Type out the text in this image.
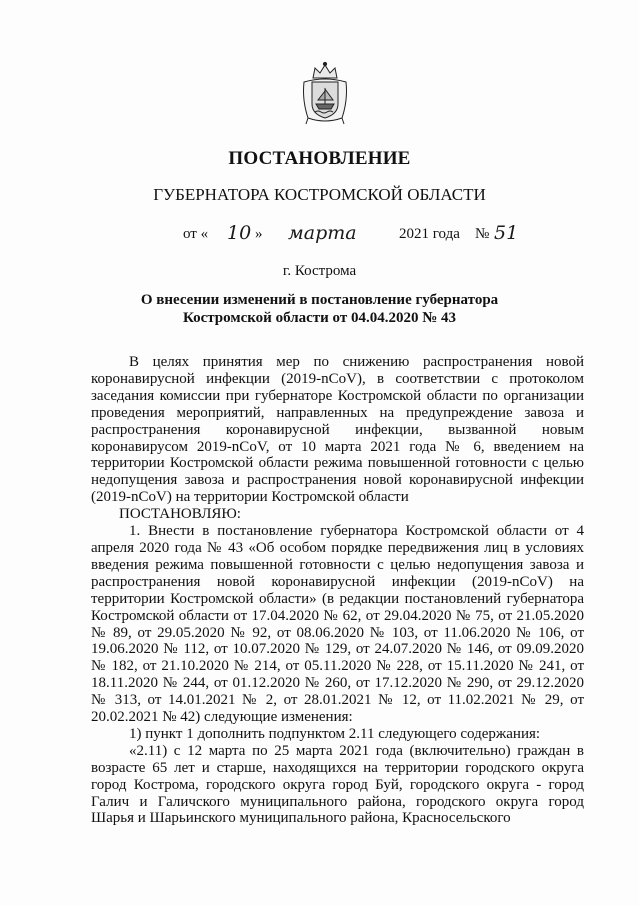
ПОСТАНОВЛЕНИЕ
ГУБЕРНАТОРА КОСТРОМСКОЙ ОБЛАСТИ
от « 10 » марта	2021 года № 51
г. Кострома
О внесении изменений в постановление губернатора
Костромской области от 04.04.2020 № 43

В целях принятия мер по снижению распространения новой коронавирусной инфекции (2019-nCoV), в соответствии с протоколом заседания комиссии при губернаторе Костромской области по организации проведения мероприятий, направленных на предупреждение завоза и распространения коронавирусной инфекции, вызванной новым коронавирусом 2019-nCoV, от 10 марта 2021 года № 6, введением на территории Костромской области режима повышенной готовности с целью недопущения завоза и распространения новой коронавирусной инфекции (2019-nCoV) на территории Костромской области

ПОСТАНОВЛЯЮ:

1. Внести в постановление губернатора Костромской области от 4 апреля 2020 года № 43 «Об особом порядке передвижения лиц в условиях введения режима повышенной готовности с целью недопущения завоза и распространения новой коронавирусной инфекции (2019-nCoV) на территории Костромской области» (в редакции постановлений губернатора Костромской области от 17.04.2020 № 62, от 29.04.2020 № 75, от 21.05.2020 № 89, от 29.05.2020 № 92, от 08.06.2020 № 103, от 11.06.2020 № 106, от 19.06.2020 № 112, от 10.07.2020 № 129, от 24.07.2020 № 146, от 09.09.2020 № 182, от 21.10.2020 № 214, от 05.11.2020 № 228, от 15.11.2020 № 241, от 18.11.2020 № 244, от 01.12.2020 № 260, от 17.12.2020 № 290, от 29.12.2020 № 313, от 14.01.2021 № 2, от 28.01.2021 № 12, от 11.02.2021 № 29, от 20.02.2021 № 42) следующие изменения:

1) пункт 1 дополнить подпунктом 2.11 следующего содержания:

«2.11) с 12 марта по 25 марта 2021 года (включительно) граждан в возрасте 65 лет и старше, находящихся на территории городского округа город Кострома, городского округа город Буй, городского округа - город Галич и Галичского муниципального района, городского округа город Шарья и Шарьинского муниципального района, Красносельского
